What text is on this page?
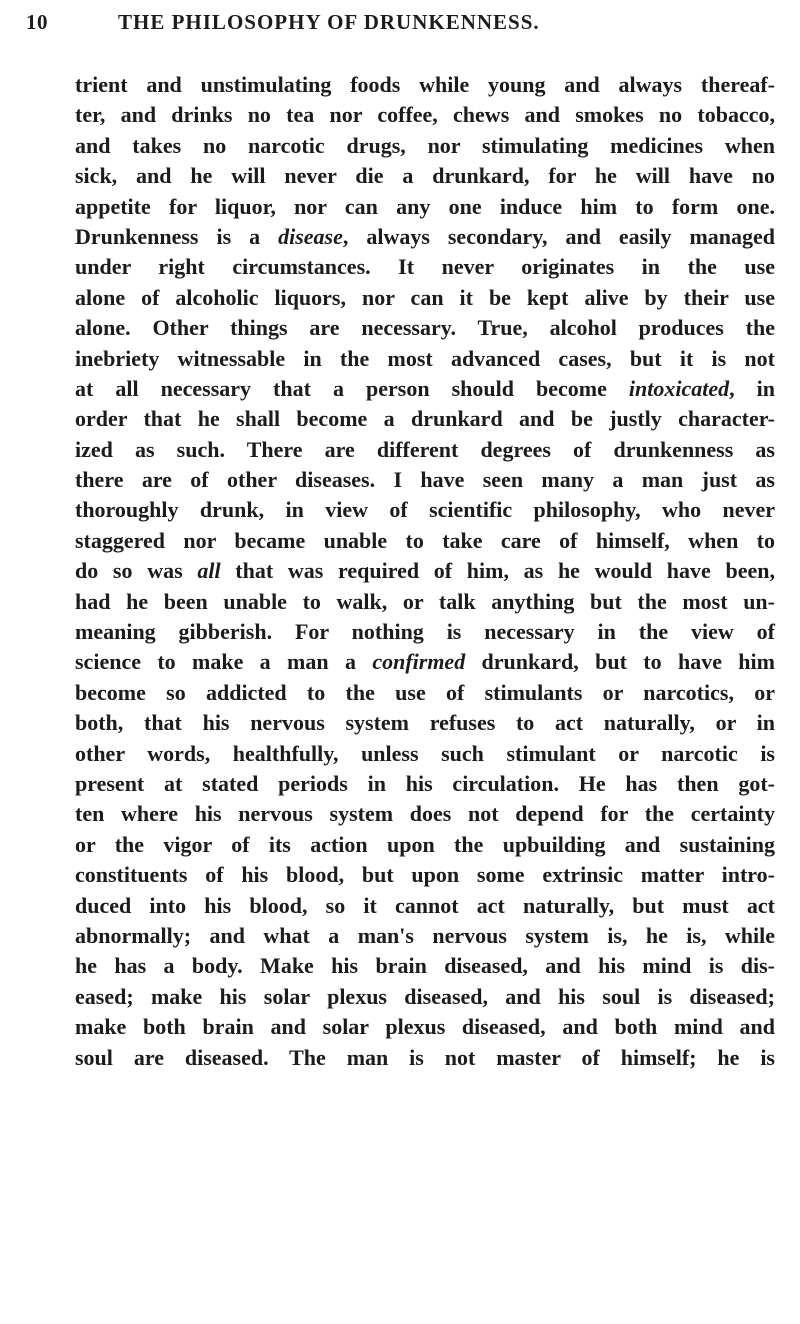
10	THE PHILOSOPHY OF DRUNKENNESS.
trient and unstimulating foods while young and always thereaf-
ter, and drinks no tea nor coffee, chews and smokes no tobacco,
and takes no narcotic drugs, nor stimulating medicines when
sick, and he will never die a drunkard, for he will have no
appetite for liquor, nor can any one induce him to form one.
Drunkenness is a disease, always secondary, and easily managed
under right circumstances. It never originates in the use
alone of alcoholic liquors, nor can it be kept alive by their use
alone. Other things are necessary. True, alcohol produces the
inebriety witnessable in the most advanced cases, but it is not
at all necessary that a person should become intoxicated, in
order that he shall become a drunkard and be justly character-
ized as such. There are different degrees of drunkenness as
there are of other diseases. I have seen many a man just as
thoroughly drunk, in view of scientific philosophy, who never
staggered nor became unable to take care of himself, when to
do so was all that was required of him, as he would have been,
had he been unable to walk, or talk anything but the most un-
meaning gibberish. For nothing is necessary in the view of
science to make a man a confirmed drunkard, but to have him
become so addicted to the use of stimulants or narcotics, or
both, that his nervous system refuses to act naturally, or in
other words, healthfully, unless such stimulant or narcotic is
present at stated periods in his circulation. He has then got-
ten where his nervous system does not depend for the certainty
or the vigor of its action upon the upbuilding and sustaining
constituents of his blood, but upon some extrinsic matter intro-
duced into his blood, so it cannot act naturally, but must act
abnormally; and what a man's nervous system is, he is, while
he has a body. Make his brain diseased, and his mind is dis-
eased; make his solar plexus diseased, and his soul is diseased;
make both brain and solar plexus diseased, and both mind and
soul are diseased. The man is not master of himself; he is
